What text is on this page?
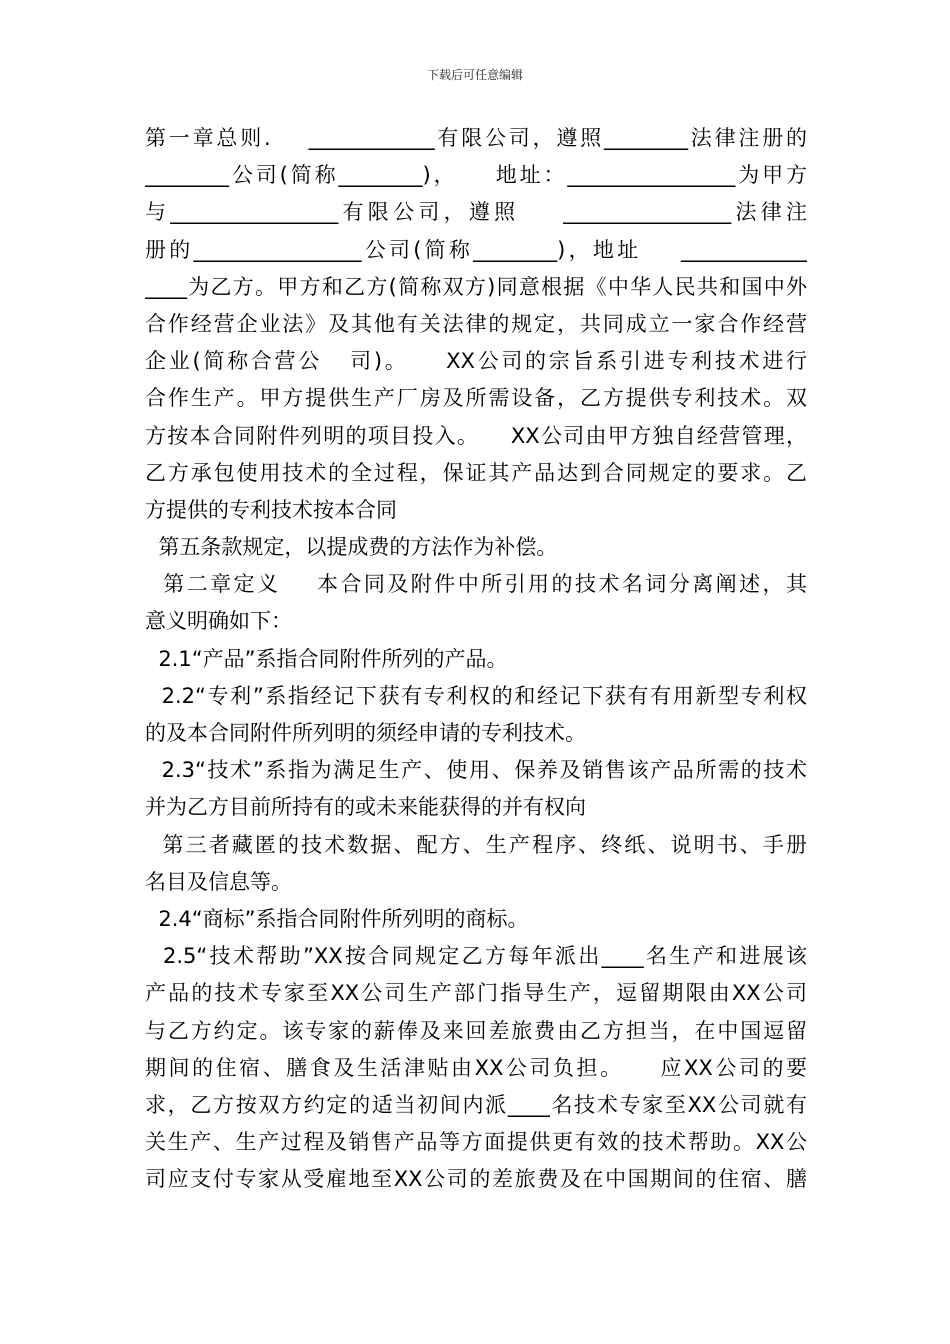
下载后可任意编辑
第一章总则.    ____________有限公司，遵照________法律注册的
________公司(简称________)，    地址：________________为甲方
与________________有限公司，遵照    ________________法律注
册的________________公司(简称________)，地址    ____________
____为乙方。甲方和乙方(简称双方)同意根据《中华人民共和国中外
合作经营企业法》及其他有关法律的规定，共同成立一家合作经营
企业(简称合营公   司)。    XX公司的宗旨系引进专利技术进行
合作生产。甲方提供生产厂房及所需设备，乙方提供专利技术。双
方按本合同附件列明的项目投入。    XX公司由甲方独自经营管理，
乙方承包使用技术的全过程，保证其产品达到合同规定的要求。乙
方提供的专利技术按本合同
第五条款规定，以提成费的方法作为补偿。
第二章定义    本合同及附件中所引用的技术名词分离阐述，其
意义明确如下：
2.1“产品”系指合同附件所列的产品。
2.2“专利”系指经记下获有专利权的和经记下获有有用新型专利权
的及本合同附件所列明的须经申请的专利技术。
2.3“技术”系指为满足生产、使用、保养及销售该产品所需的技术
并为乙方目前所持有的或未来能获得的并有权向
第三者藏匿的技术数据、配方、生产程序、终纸、说明书、手册
名目及信息等。
2.4“商标”系指合同附件所列明的商标。
2.5“技术帮助”XX按合同规定乙方每年派出____名生产和进展该
产品的技术专家至XX公司生产部门指导生产，逗留期限由XX公司
与乙方约定。该专家的薪俸及来回差旅费由乙方担当，在中国逗留
期间的住宿、膳食及生活津贴由XX公司负担。    应XX公司的要
求，乙方按双方约定的适当初间内派____名技术专家至XX公司就有
关生产、生产过程及销售产品等方面提供更有效的技术帮助。XX公
司应支付专家从受雇地至XX公司的差旅费及在中国期间的住宿、膳
